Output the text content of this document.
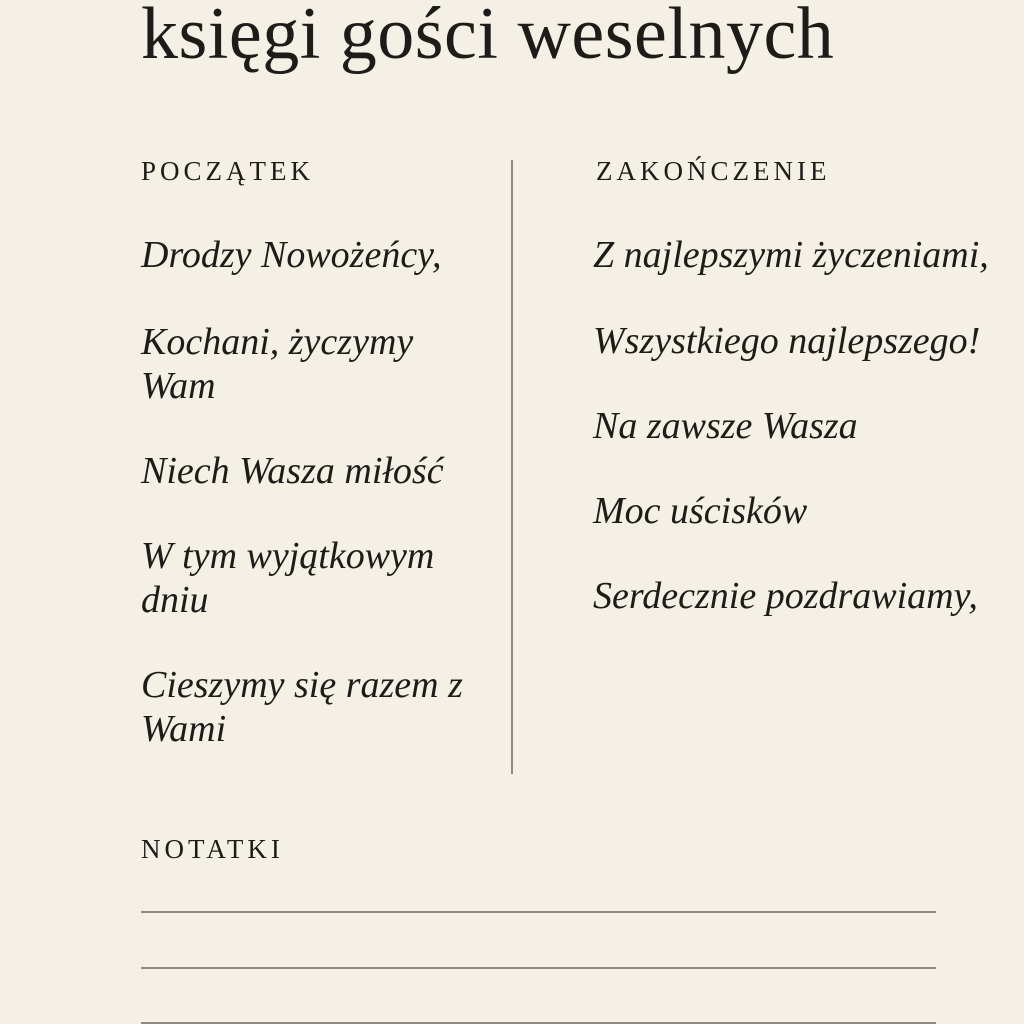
księgi gości weselnych
POCZĄTEK	ZAKOŃCZENIE
Drodzy Nowożeńcy,
Kochani, życzymy Wam
Niech Wasza miłość
W tym wyjątkowym dniu
Cieszymy się razem z Wami
Z najlepszymi życzeniami,
Wszystkiego najlepszego!
Na zawsze Wasza
Moc uścisków
Serdecznie pozdrawiamy,
NOTATKI
